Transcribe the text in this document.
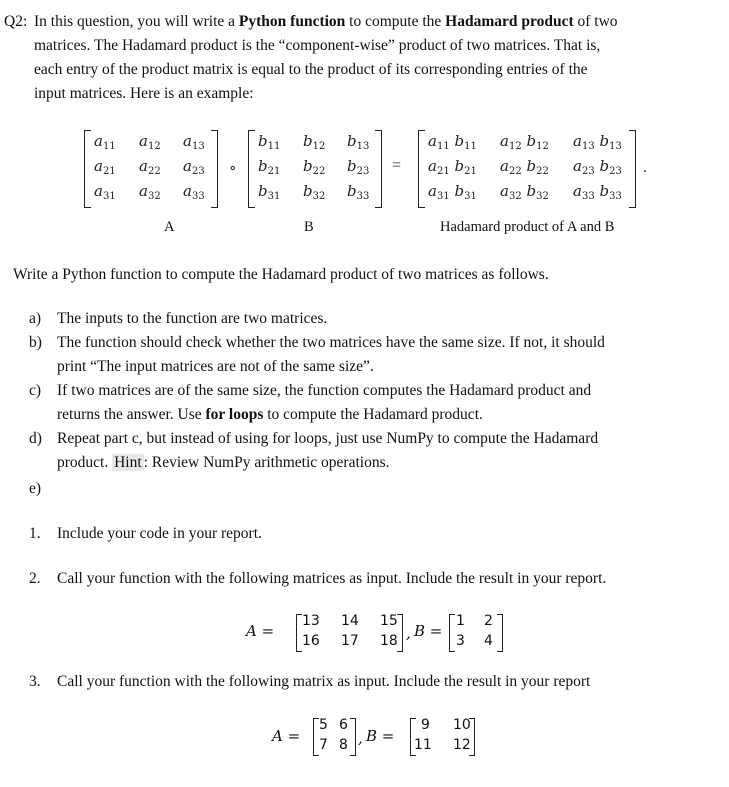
Q2: In this question, you will write a Python function to compute the Hadamard product of two
matrices. The Hadamard product is the “component-wise” product of two matrices. That is,
each entry of the product matrix is equal to the product of its corresponding entries of the
input matrices. Here is an example:
$a_{11}$ $a_{12}$ $a_{13}$
$a_{21}$ $a_{22}$ $a_{23}$
$a_{31}$ $a_{32}$ $a_{33}$
∘
$b_{11}$ $b_{12}$ $b_{13}$
$b_{21}$ $b_{22}$ $b_{23}$
$b_{31}$ $b_{32}$ $b_{33}$
=
$a_{11}$ $b_{11}$ $a_{12}$ $b_{12}$ $a_{13}$ $b_{13}$
$a_{21}$ $b_{21}$ $a_{22}$ $b_{22}$ $a_{23}$ $b_{23}$
$a_{31}$ $b_{31}$ $a_{32}$ $b_{32}$ $a_{33}$ $b_{33}$
.
A	B	Hadamard product of A and B
Write a Python function to compute the Hadamard product of two matrices as follows.
a) The inputs to the function are two matrices.
b) The function should check whether the two matrices have the same size. If not, it should
print “The input matrices are not of the same size”.
c) If two matrices are of the same size, the function computes the Hadamard product and
returns the answer. Use for loops to compute the Hadamard product.
d) Repeat part c, but instead of using for loops, just use NumPy to compute the Hadamard
product. Hint : Review NumPy arithmetic operations.
e)
1. Include your code in your report.
2. Call your function with the following matrices as input. Include the result in your report.
A =
13 14 15
16 17 18 , B =
1 2
3 4
3. Call your function with the following matrix as input. Include the result in your report
A =
5 6
7 8 , B =
9 10
11 12
